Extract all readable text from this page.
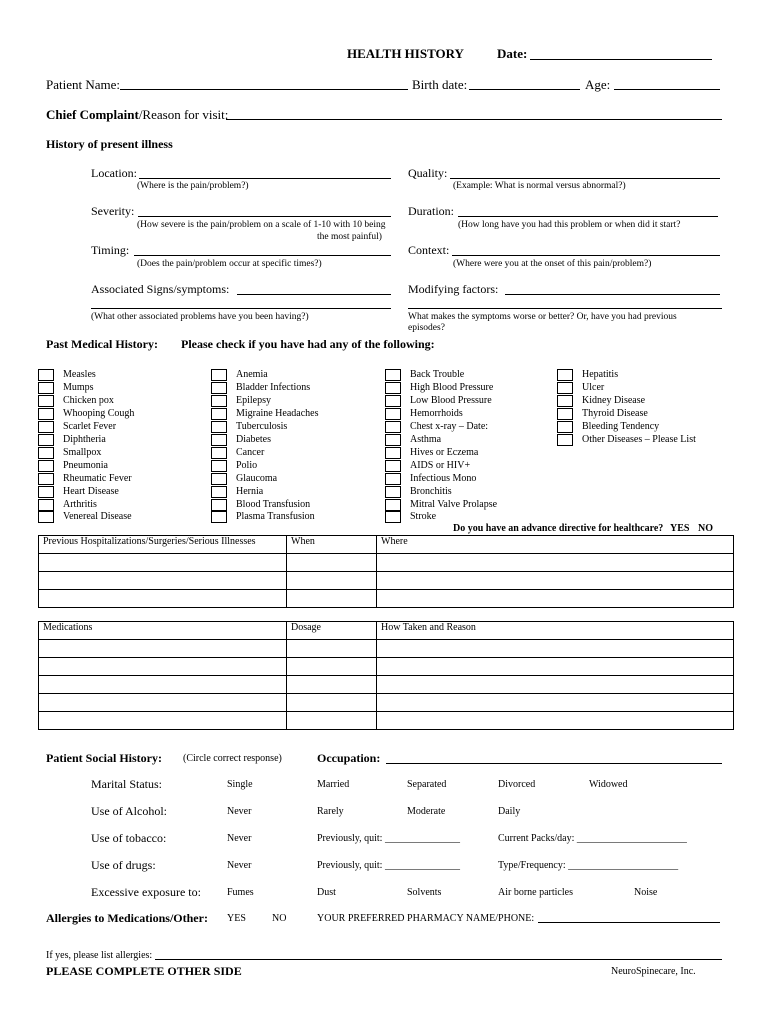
HEALTH HISTORY	Date:
Patient Name:	Birth date:	Age:
Chief Complaint/Reason for visit:
History of present illness
Location:
(Where is the pain/problem?)
Severity:
(How severe is the pain/problem on a scale of 1-10 with 10 being
the most painful)
Timing:
(Does the pain/problem occur at specific times?)
Associated Signs/symptoms:
(What other associated problems have you been having?)
Quality:
(Example: What is normal versus abnormal?)
Duration:
(How long have you had this problem or when did it start?
Context:
(Where were you at the onset of this pain/problem?)
Modifying factors:
What makes the symptoms worse or better? Or, have you had previous
episodes?
Past Medical History: Please check if you have had any of the following:
Measles
Mumps
Chicken pox
Whooping Cough
Scarlet Fever
Diphtheria
Smallpox
Pneumonia
Rheumatic Fever
Heart Disease
Arthritis
Venereal Disease
Anemia
Bladder Infections
Epilepsy
Migraine Headaches
Tuberculosis
Diabetes
Cancer
Polio
Glaucoma
Hernia
Blood Transfusion
Plasma Transfusion
Back Trouble
High Blood Pressure
Low Blood Pressure
Hemorrhoids
Chest x-ray – Date:
Asthma
Hives or Eczema
AIDS or HIV+
Infectious Mono
Bronchitis
Mitral Valve Prolapse
Stroke
Hepatitis
Ulcer
Kidney Disease
Thyroid Disease
Bleeding Tendency
Other Diseases – Please List
Do you have an advance directive for healthcare? YES NO
Previous Hospitalizations/Surgeries/Serious Illnesses	When	Where

Medications	Dosage	How Taken and Reason

Patient Social History: (Circle correct response)	Occupation:
Marital Status:	Single	Married	Separated	Divorced	Widowed
Use of Alcohol:	Never	Rarely	Moderate	Daily
Use of tobacco:	Never	Previously, quit: _______________	Current Packs/day: ______________________
Use of drugs:	Never	Previously, quit: _______________	Type/Frequency: ______________________
Excessive exposure to:	Fumes	Dust	Solvents	Air borne particles	Noise
Allergies to Medications/Other: YES	NO	YOUR PREFERRED PHARMACY NAME/PHONE:
If yes, please list allergies:
PLEASE COMPLETE OTHER SIDE	NeuroSpinecare, Inc.
